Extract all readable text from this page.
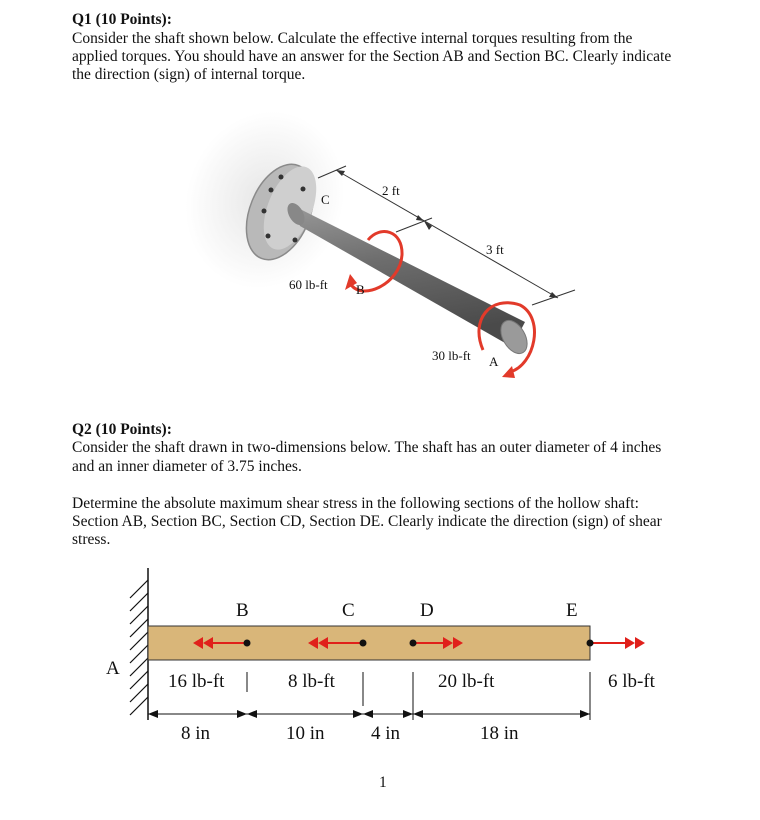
Q1 (10 Points):
Consider the shaft shown below. Calculate the effective internal torques resulting from the
applied torques. You should have an answer for the Section AB and Section BC. Clearly indicate
the direction (sign) of internal torque.
C
2 ft
3 ft
60 lb-ft B
30 lb-ft A
Q2 (10 Points):
Consider the shaft drawn in two-dimensions below. The shaft has an outer diameter of 4 inches
and an inner diameter of 3.75 inches.
Determine the absolute maximum shear stress in the following sections of the hollow shaft:
Section AB, Section BC, Section CD, Section DE. Clearly indicate the direction (sign) of shear
stress.
B	C	D	E
A
16 lb-ft	8 lb-ft	20 lb-ft	6 lb-ft
8 in	10 in 4 in	18 in
1
